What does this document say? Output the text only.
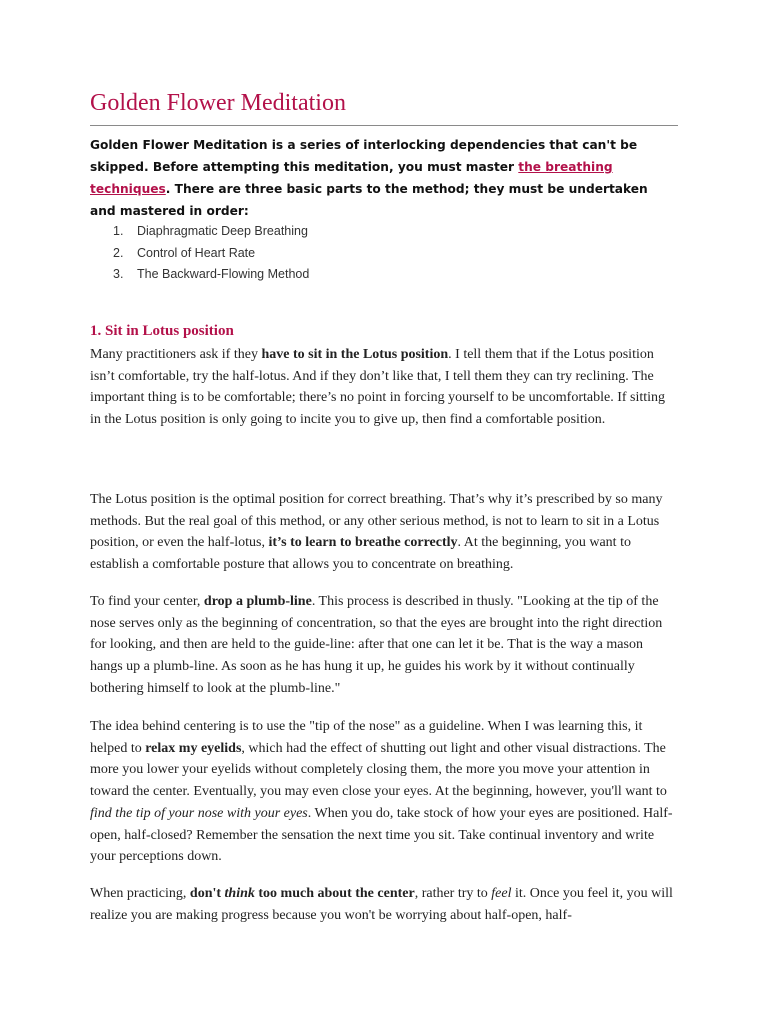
Golden Flower Meditation

Golden Flower Meditation is a series of interlocking dependencies that can't be skipped. Before attempting this meditation, you must master the breathing techniques. There are three basic parts to the method; they must be undertaken and mastered in order:

1. Diaphragmatic Deep Breathing
2. Control of Heart Rate
3. The Backward-Flowing Method
1. Sit in Lotus position

Many practitioners ask if they have to sit in the Lotus position. I tell them that if the Lotus position isn’t comfortable, try the half-lotus. And if they don’t like that, I tell them they can try reclining. The important thing is to be comfortable; there’s no point in forcing yourself to be uncomfortable. If sitting in the Lotus position is only going to incite you to give up, then find a comfortable position.

The Lotus position is the optimal position for correct breathing. That’s why it’s prescribed by so many methods. But the real goal of this method, or any other serious method, is not to learn to sit in a Lotus position, or even the half-lotus, it’s to learn to breathe correctly. At the beginning, you want to establish a comfortable posture that allows you to concentrate on breathing.

To find your center, drop a plumb-line. This process is described in thusly. "Looking at the tip of the nose serves only as the beginning of concentration, so that the eyes are brought into the right direction for looking, and then are held to the guide-line: after that one can let it be. That is the way a mason hangs up a plumb-line. As soon as he has hung it up, he guides his work by it without continually bothering himself to look at the plumb-line."

The idea behind centering is to use the "tip of the nose" as a guideline. When I was learning this, it helped to relax my eyelids, which had the effect of shutting out light and other visual distractions. The more you lower your eyelids without completely closing them, the more you move your attention in toward the center. Eventually, you may even close your eyes. At the beginning, however, you'll want to find the tip of your nose with your eyes. When you do, take stock of how your eyes are positioned. Half-open, half-closed? Remember the sensation the next time you sit. Take continual inventory and write your perceptions down.

When practicing, don't think too much about the center, rather try to feel it. Once you feel it, you will realize you are making progress because you won't be worrying about half-open, half-
